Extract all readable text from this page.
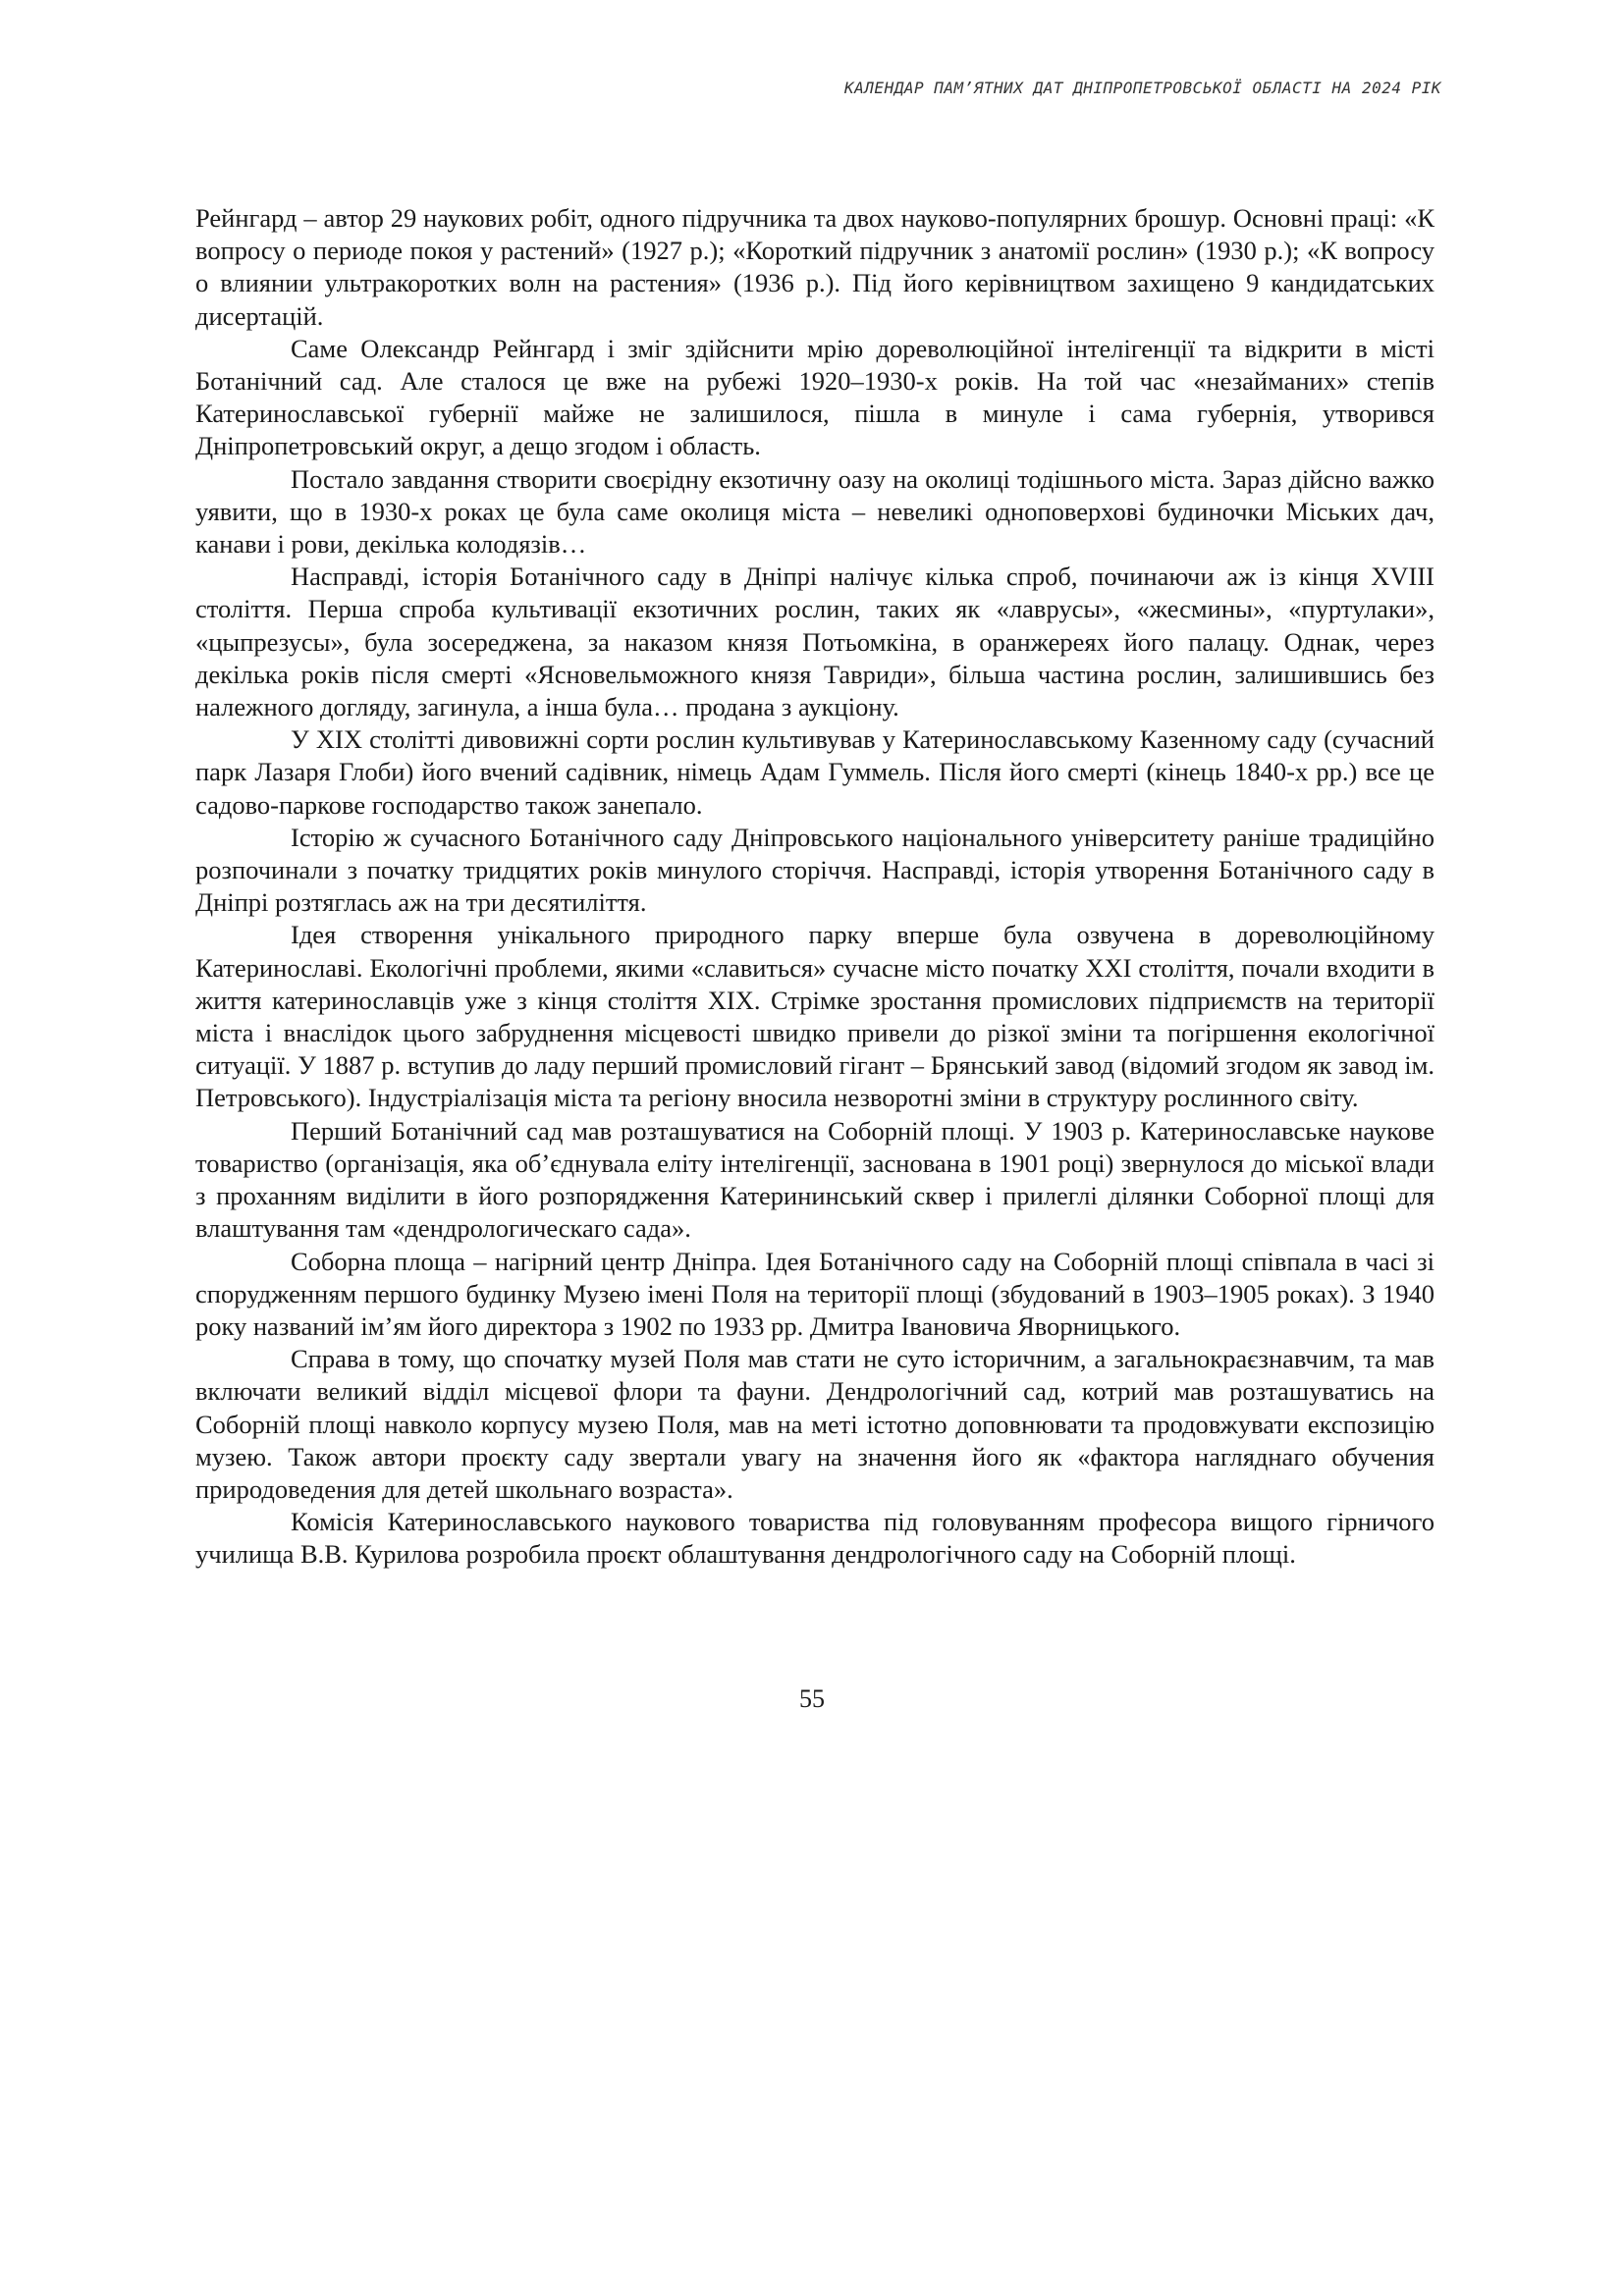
КАЛЕНДАР ПАМ’ЯТНИХ ДАТ ДНІПРОПЕТРОВСЬКОЇ ОБЛАСТІ НА 2024 РІК

Рейнгард – автор 29 наукових робіт, одного підручника та двох науково-популярних брошур. Основні праці: «К вопросу о периоде покоя у растений» (1927 р.); «Короткий підручник з анатомії рослин» (1930 р.); «К вопросу о влиянии ультракоротких волн на растения» (1936 р.). Під його керівництвом захищено 9 кандидатських дисертацій.

Саме Олександр Рейнгард і зміг здійснити мрію дореволюційної інтелігенції та відкрити в місті Ботанічний сад. Але сталося це вже на рубежі 1920–1930-х років. На той час «незайманих» степів Катеринославської губернії майже не залишилося, пішла в минуле і сама губернія, утворився Дніпропетровський округ, а дещо згодом і область.

Постало завдання створити своєрідну екзотичну оазу на околиці тодішнього міста. Зараз дійсно важко уявити, що в 1930-х роках це була саме околиця міста – невеликі одноповерхові будиночки Міських дач, канави і рови, декілька колодязів…

Насправді, історія Ботанічного саду в Дніпрі налічує кілька спроб, починаючи аж із кінця XVIII століття. Перша спроба культивації екзотичних рослин, таких як «лаврусы», «жесмины», «пуртулаки», «цыпрезусы», була зосереджена, за наказом князя Потьомкіна, в оранжереях його палацу. Однак, через декілька років після смерті «Ясновельможного князя Тавриди», більша частина рослин, залишившись без належного догляду, загинула, а інша була… продана з аукціону.

У XIX столітті дивовижні сорти рослин культивував у Катеринославському Казенному саду (сучасний парк Лазаря Глоби) його вчений садівник, німець Адам Гуммель. Після його смерті (кінець 1840-х рр.) все це садово-паркове господарство також занепало.

Історію ж сучасного Ботанічного саду Дніпровського національного університету раніше традиційно розпочинали з початку тридцятих років минулого сторіччя. Насправді, історія утворення Ботанічного саду в Дніпрі розтяглась аж на три десятиліття.

Ідея створення унікального природного парку вперше була озвучена в дореволюційному Катеринославі. Екологічні проблеми, якими «славиться» сучасне місто початку XXI століття, почали входити в життя катеринославців уже з кінця століття XIX. Стрімке зростання промислових підприємств на території міста і внаслідок цього забруднення місцевості швидко привели до різкої зміни та погіршення екологічної ситуації. У 1887 р. вступив до ладу перший промисловий гігант – Брянський завод (відомий згодом як завод ім. Петровського). Індустріалізація міста та регіону вносила незворотні зміни в структуру рослинного світу.

Перший Ботанічний сад мав розташуватися на Соборній площі. У 1903 р. Катеринославське наукове товариство (організація, яка об’єднувала еліту інтелігенції, заснована в 1901 році) звернулося до міської влади з проханням виділити в його розпорядження Катерининський сквер і прилеглі ділянки Соборної площі для влаштування там «дендрологическаго сада».

Соборна площа – нагірний центр Дніпра. Ідея Ботанічного саду на Соборній площі співпала в часі зі спорудженням першого будинку Музею імені Поля на території площі (збудований в 1903–1905 роках). З 1940 року названий ім’ям його директора з 1902 по 1933 рр. Дмитра Івановича Яворницького.

Справа в тому, що спочатку музей Поля мав стати не суто історичним, а загальнокраєзнавчим, та мав включати великий відділ місцевої флори та фауни. Дендрологічний сад, котрий мав розташуватись на Соборній площі навколо корпусу музею Поля, мав на меті істотно доповнювати та продовжувати експозицію музею. Також автори проєкту саду звертали увагу на значення його як «фактора нагляднаго обучения природоведения для детей школьнаго возраста».

Комісія Катеринославського наукового товариства під головуванням професора вищого гірничого училища В.В. Курилова розробила проєкт облаштування дендрологічного саду на Соборній площі.

55
